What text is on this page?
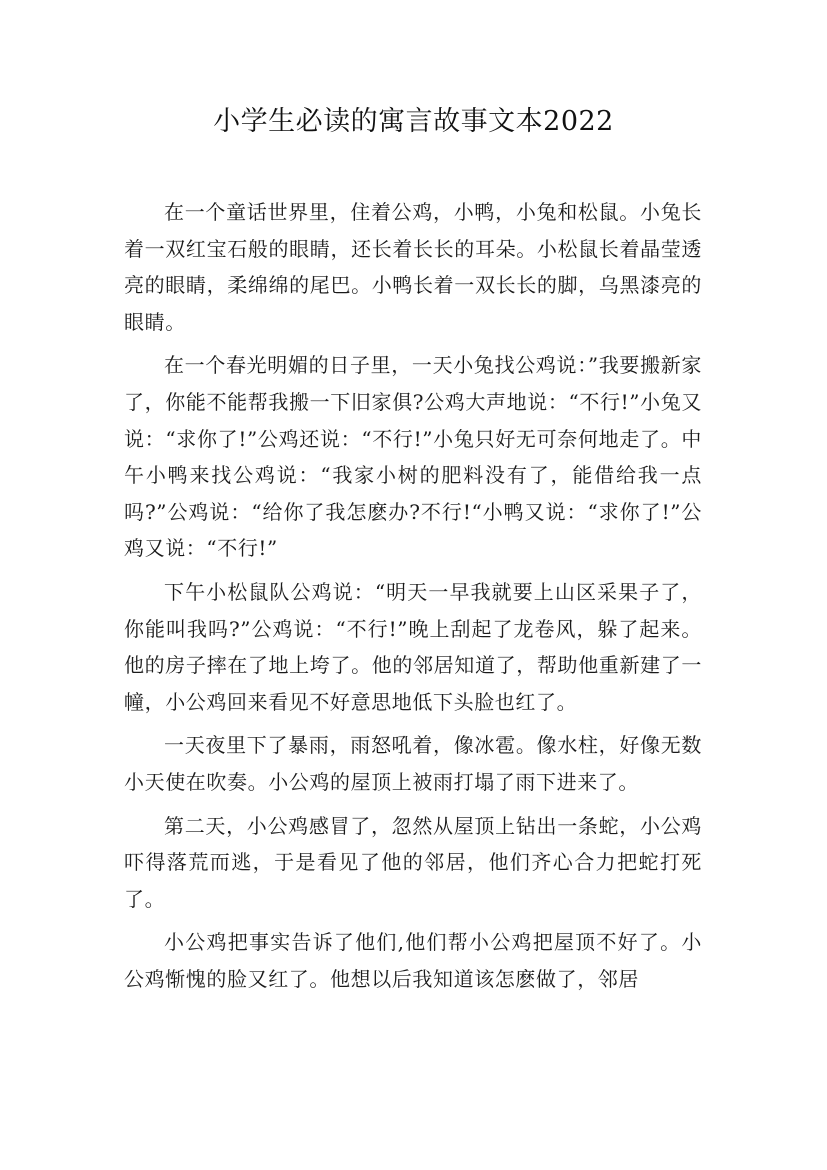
小学生必读的寓言故事文本2022

在一个童话世界里，住着公鸡，小鸭，小兔和松鼠。小兔长着一双红宝石般的眼睛，还长着长长的耳朵。小松鼠长着晶莹透亮的眼睛，柔绵绵的尾巴。小鸭长着一双长长的脚，乌黑漆亮的眼睛。

在一个春光明媚的日子里，一天小兔找公鸡说：”我要搬新家了，你能不能帮我搬一下旧家俱?公鸡大声地说：“不行!”小兔又说：“求你了!”公鸡还说：“不行!”小兔只好无可奈何地走了。中午小鸭来找公鸡说：“我家小树的肥料没有了，能借给我一点吗?”公鸡说：“给你了我怎麽办?不行!“小鸭又说：“求你了!”公鸡又说：“不行!”

下午小松鼠队公鸡说：“明天一早我就要上山区采果子了，你能叫我吗?”公鸡说：“不行!”晚上刮起了龙卷风，躲了起来。他的房子摔在了地上垮了。他的邻居知道了，帮助他重新建了一幢，小公鸡回来看见不好意思地低下头脸也红了。

一天夜里下了暴雨，雨怒吼着，像冰雹。像水柱，好像无数小天使在吹奏。小公鸡的屋顶上被雨打塌了雨下进来了。

第二天，小公鸡感冒了，忽然从屋顶上钻出一条蛇，小公鸡吓得落荒而逃，于是看见了他的邻居，他们齐心合力把蛇打死了。

小公鸡把事实告诉了他们,他们帮小公鸡把屋顶不好了。小公鸡惭愧的脸又红了。他想以后我知道该怎麽做了，邻居
